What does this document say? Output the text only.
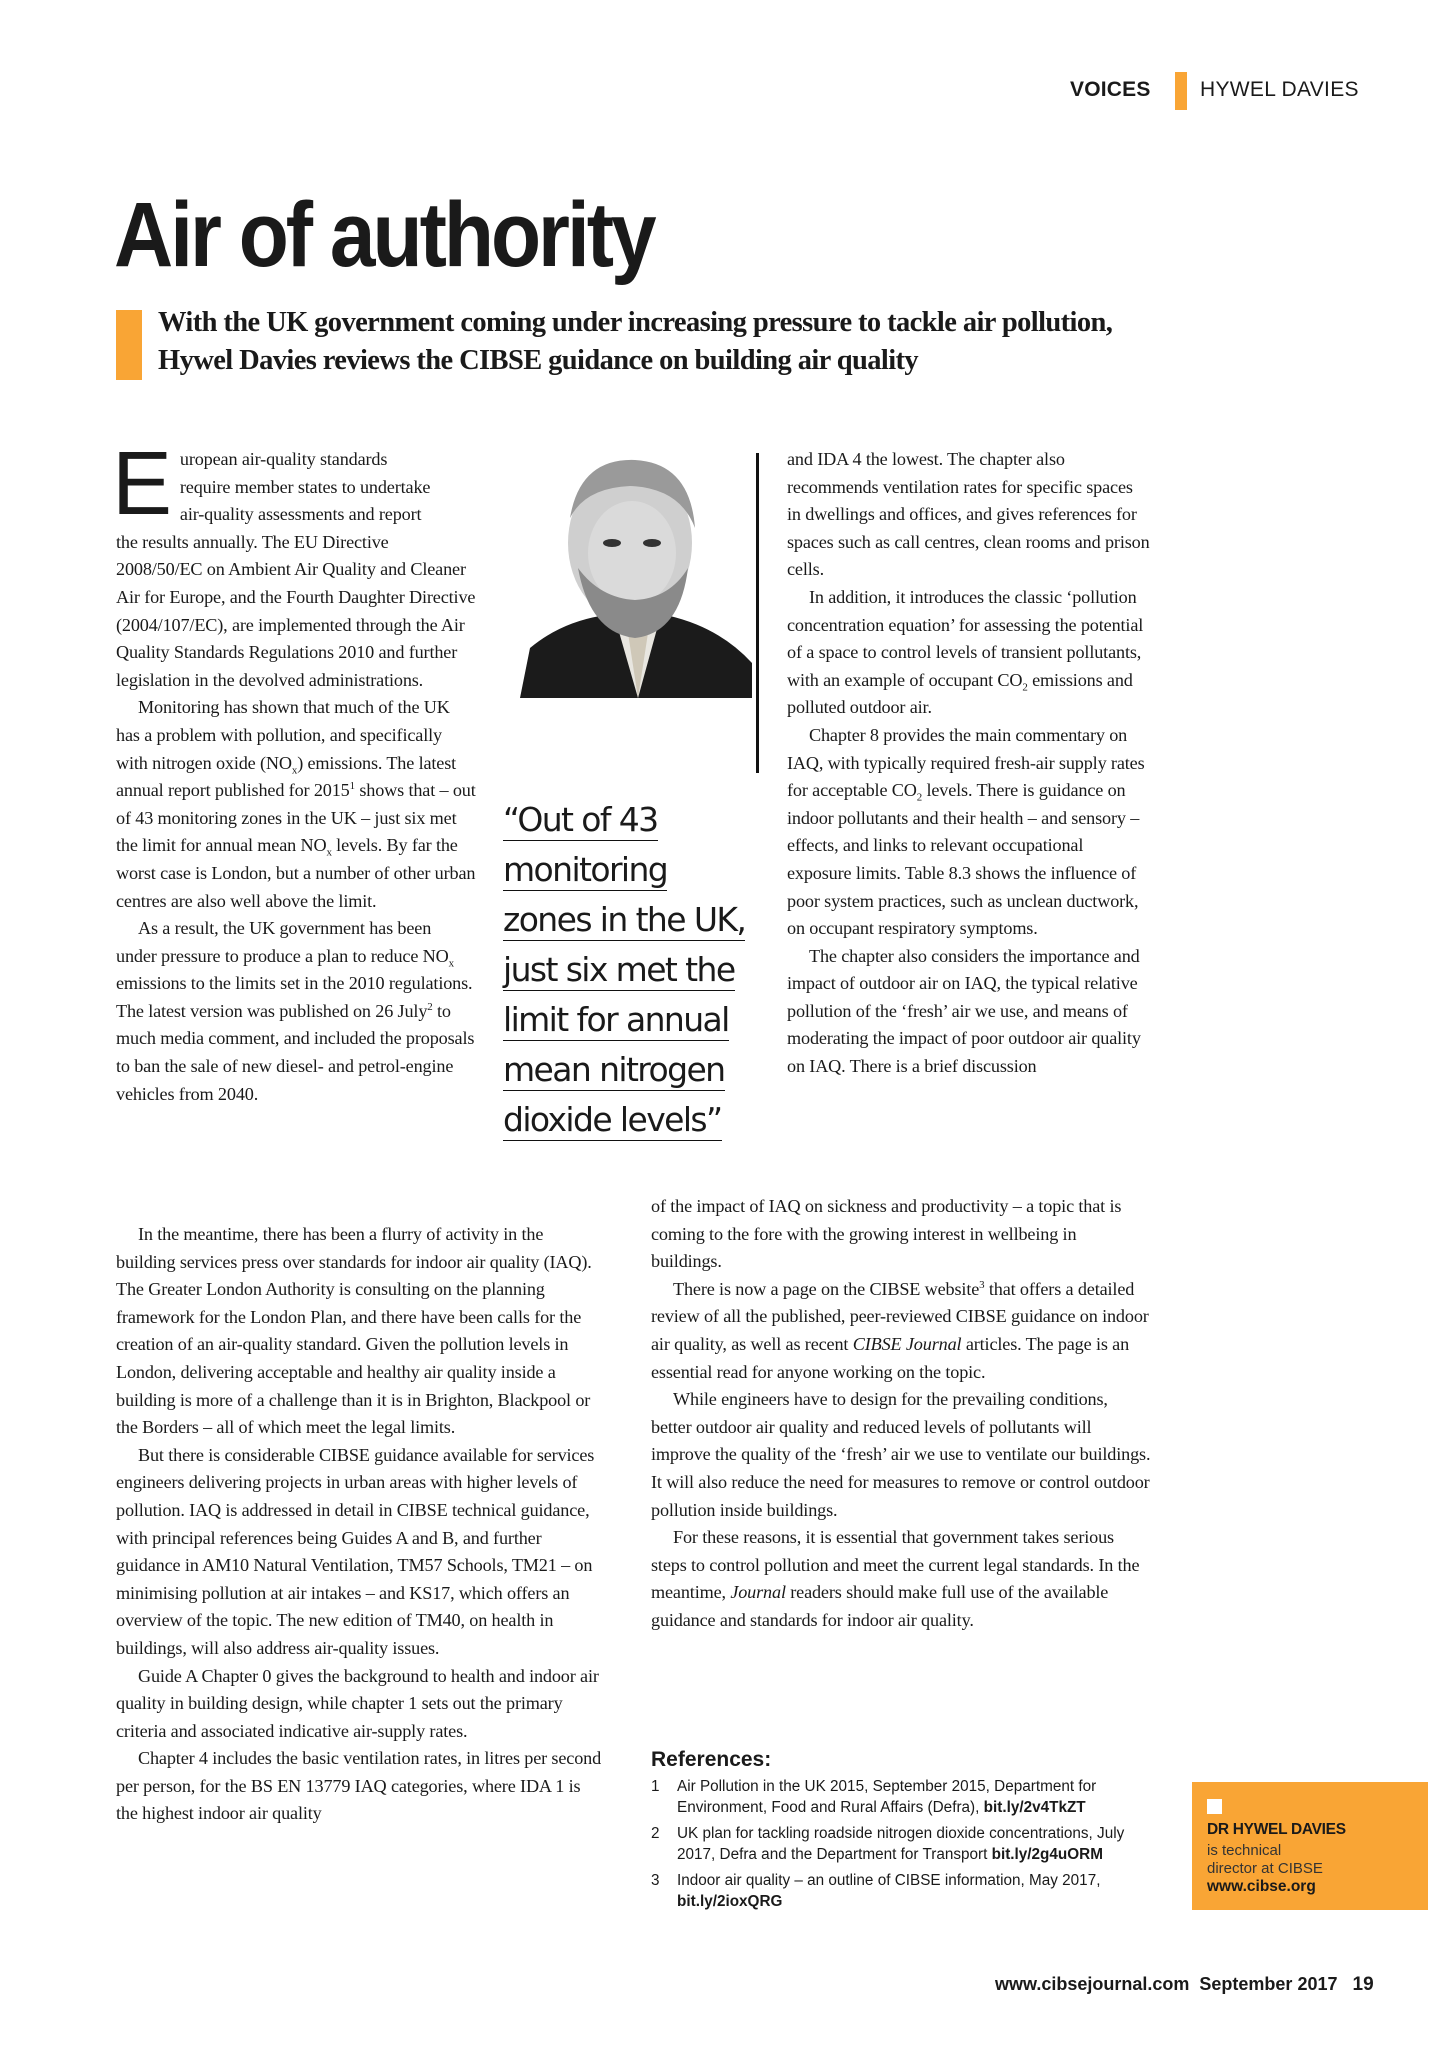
VOICES HYWEL DAVIES
Air of authority
With the UK government coming under increasing pressure to tackle air pollution, Hywel Davies reviews the CIBSE guidance on building air quality

European air-quality standards
require member states to undertake
air-quality assessments and report
the results annually. The EU Directive 2008/50/EC on Ambient Air Quality and Cleaner Air for Europe, and the Fourth Daughter Directive (2004/107/EC), are implemented through the Air Quality Standards Regulations 2010 and further legislation in the devolved administrations.

Monitoring has shown that much of the UK has a problem with pollution, and specifically with nitrogen oxide $(NO_x)$ emissions. The latest annual report published for 2015$^1$ shows that – out of 43 monitoring zones in the UK – just six met the limit for annual mean $NO_x$ levels. By far the worst case is London, but a number of other urban centres are also well above the limit.

As a result, the UK government has been under pressure to produce a plan to reduce $NO_x$ emissions to the limits set in the 2010 regulations. The latest version was published on 26 July$^2$ to much media comment, and included the proposals to ban the sale of new diesel- and petrol-engine vehicles from 2040.

In the meantime, there has been a flurry of activity in the building services press over standards for indoor air quality (IAQ). The Greater London Authority is consulting on the planning framework for the London Plan, and there have been calls for the creation of an air-quality standard. Given the pollution levels in London, delivering acceptable and healthy air quality inside a building is more of a challenge than it is in Brighton, Blackpool or the Borders – all of which meet the legal limits.

But there is considerable CIBSE guidance available for services engineers delivering projects in urban areas with higher levels of pollution. IAQ is addressed in detail in CIBSE technical guidance, with principal references being Guides A and B, and further guidance in AM10 Natural Ventilation, TM57 Schools, TM21 – on minimising pollution at air intakes – and KS17, which offers an overview of the topic. The new edition of TM40, on health in buildings, will also address air-quality issues.

Guide A Chapter 0 gives the background to health and indoor air quality in building design, while chapter 1 sets out the primary criteria and associated indicative air-supply rates.

Chapter 4 includes the basic ventilation rates, in litres per second per person, for the BS EN 13779 IAQ categories, where IDA 1 is the highest indoor air quality

“Out of 43
monitoring
zones in the UK,
just six met the
limit for annual
mean nitrogen
dioxide levels”

and IDA 4 the lowest. The chapter also recommends ventilation rates for specific spaces in dwellings and offices, and gives references for spaces such as call centres, clean rooms and prison cells.

In addition, it introduces the classic ‘pollution concentration equation’ for assessing the potential of a space to control levels of transient pollutants, with an example of occupant $CO_2$ emissions and polluted outdoor air.

Chapter 8 provides the main commentary on IAQ, with typically required fresh-air supply rates for acceptable $CO_2$ levels. There is guidance on indoor pollutants and their health – and sensory – effects, and links to relevant occupational exposure limits. Table 8.3 shows the influence of poor system practices, such as unclean ductwork, on occupant respiratory symptoms.

The chapter also considers the importance and impact of outdoor air on IAQ, the typical relative pollution of the ‘fresh’ air we use, and means of moderating the impact of poor outdoor air quality on IAQ. There is a brief discussion

of the impact of IAQ on sickness and productivity – a topic that is coming to the fore with the growing interest in wellbeing in buildings.

There is now a page on the CIBSE website$^3$ that offers a detailed review of all the published, peer-reviewed CIBSE guidance on indoor air quality, as well as recent CIBSE Journal articles. The page is an essential read for anyone working on the topic.

While engineers have to design for the prevailing conditions, better outdoor air quality and reduced levels of pollutants will improve the quality of the ‘fresh’ air we use to ventilate our buildings. It will also reduce the need for measures to remove or control outdoor pollution inside buildings.

For these reasons, it is essential that government takes serious steps to control pollution and meet the current legal standards. In the meantime, Journal readers should make full use of the available guidance and standards for indoor air quality.

References:
1	Air Pollution in the UK 2015, September 2015, Department for Environment, Food and Rural Affairs (Defra), bit.ly/2v4TkZT
2	UK plan for tackling roadside nitrogen dioxide concentrations, July 2017, Defra and the Department for Transport bit.ly/2g4uORM
3	Indoor air quality – an outline of CIBSE information, May 2017,
bit.ly/2ioxQRG
DR HYWEL DAVIES
is technical
director at CIBSE
www.cibse.org
www.cibsejournal.com September 2017 19
